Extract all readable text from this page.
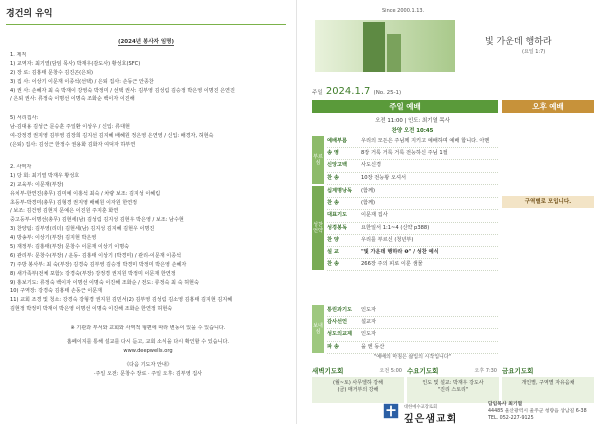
경건의 유익
(2024년 봉사자 임명)
1. 제직
1) 교역자: 최기열(담임 목사) 박재우(감도사) 황성호(SFC)
2) 장 로: 김홍태 문창수 김진곤(은퇴)
3) 집 사: 이상기 이문재 이종석(선택) / 은퇴 집사: 손동근 안종찬
4) 권 사: 손혜자 최 숙 박재이 강영숙 박정미 / 선택 권사: 김부영 김성림 김승정 박은영 이명진 은연진
/ 은퇴 권사: 류정숙 이명선 이명숙 조화순 백이자 이진해
5) 서리집사:
남-김대용 김성근 문승훈 주일환 이상우 / 신입: 류대현
여-강정경 권지영 김부영 김장희 김지선 김지혜 배혜원 정은영 은연영 / 신입: 배경자, 허현숙
(은퇴) 집사: 김성근 한정수 권용화 김화자 여덕자 하부연
2. 사역자
1) 당 회: 최기열 박재우 황성호
2) 교육부: 이문재(부장)
유치부-한연진(총무) 김미예 이홍석 최숙 / 차량 보조: 김지성 이혜림
초등부-박경미(총무) 김형경 권지영 배혜원 이자원 한연정
/ 보조: 김건영 김현지 문예은 이진원 주지훈 화연
중고등부-이명선(총무) 김현세(남) 김성림 김지성 김현우 박은영 / 보조: 남수현
3) 찬양팀: 김부영(리더) 김현세(남) 김지성 김지혜 김현우 이명진
4) 방송부: 이상기(부장) 김지현 박은영
5) 재정부: 김홍태(부장) 문창수 이문재 이상기 이명숙
6) 관리부: 문창수(부장) / 운동- 김홍태 이상기 (박경미) / 관리-이문재 이종석
7) 주방 봉사부: 최 숙(부장) 김경숙 김부영 김승정 박경미 박정미 박은영 손혜자
8) 새가족부(전체 포함): 강경숙(부장) 강정경 권지원 박정미 이문재 한연정
9) 홍보기도: 류정숙 백이자 이명선 이명숙 이진해 조화순 / 전도: 류정숙 최 숙 허현숙
10) 구역장: 강경숙 김홍태 손동근 이문재
11) 교회 조경 및 청소: 강경숙 강형경 권지원 김민서(2) 김부영 김성림 김소영 김홍태 김지현 김지혜
김현정 박정미 박재이 박은영 이명선 이명숙 이진해 조화순 한연정 허현숙
※ 기관과 부서와 교회와 사역적 형편에 따라 변동이 있을 수 있습니다.
홈페이지를 통해 설교를 다시 듣고, 교회 소식을 다시 확인할 수 있습니다.
www.deepwells.org
《다음 기도자 안내》
·주일 오전: 문창수 장로 · 주일 오후: 김부영 집사
Since 2000.1.13.
빛 가운데 행하라
(요일 1:7)
주일 2024.1.7 (No. 25-1)
주일 예배	오후 예배
오전 11:00 | 인도: 최기열 목사
찬양 오전 10:45
부르심
예배부름	우리의 모든은 주님께 지키고 예배하며 예배 합니다. 아멘
송 영	8장 거룩 거룩 거룩 전능하신 주님 1절
신앙고백	사도신경
찬 송	10장 전능왕 오셔서
성찬언약
십계명낭독	(함께)
찬 송	(함께)
대표기도	이문재 집사
성경봉독	요한일서 1:1~4 (신약 p388)
찬 양	우리를 부르신 (청년부)
설 교	"빛 가운데 행하라 ❶" / 성찬 예식
찬 송	266장 주의 피로 이룬 샘물
보내심
통린과기도	인도자
감사선언	설교자
성도의교제	인도자
파 송	을 엔 동산
구역별로 모입니다.
"예배의 마침은 삶입의 시작입니다"
새벽기도회	오전 5:00
(월~토) 사무엘하 강해
(금) 매거부의 강해
수요기도회	오후 7:30
인도 및 설교: 박재우 강도사
"진리 스토리"
금요기도회
개인별, 구역별 자유음채
대한예수교장로회
깊은샘교회
담임목사 최기열
44485 울산광역시 울주군 청량읍 상남길 6-38
TEL. 052-227-9125
